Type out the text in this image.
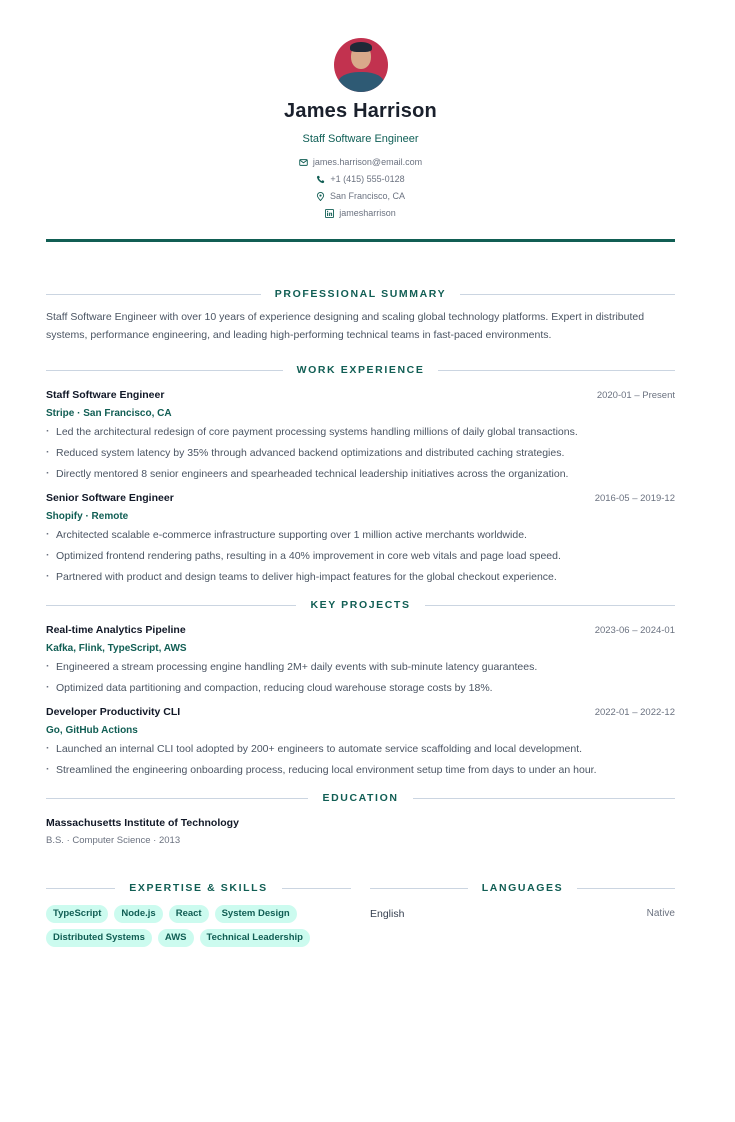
James Harrison
Staff Software Engineer
james.harrison@email.com
+1 (415) 555-0128
San Francisco, CA
jamesharrison
PROFESSIONAL SUMMARY

Staff Software Engineer with over 10 years of experience designing and scaling global technology platforms. Expert in distributed systems, performance engineering, and leading high-performing technical teams in fast-paced environments.

WORK EXPERIENCE
Staff Software Engineer	2020-01 – Present
Stripe · San Francisco, CA
· Led the architectural redesign of core payment processing systems handling millions of daily global transactions.
· Reduced system latency by 35% through advanced backend optimizations and distributed caching strategies.
· Directly mentored 8 senior engineers and spearheaded technical leadership initiatives across the organization.
Senior Software Engineer	2016-05 – 2019-12
Shopify · Remote
· Architected scalable e-commerce infrastructure supporting over 1 million active merchants worldwide.
· Optimized frontend rendering paths, resulting in a 40% improvement in core web vitals and page load speed.
· Partnered with product and design teams to deliver high-impact features for the global checkout experience.
KEY PROJECTS
Real-time Analytics Pipeline	2023-06 – 2024-01
Kafka, Flink, TypeScript, AWS
· Engineered a stream processing engine handling 2M+ daily events with sub-minute latency guarantees.
· Optimized data partitioning and compaction, reducing cloud warehouse storage costs by 18%.
Developer Productivity CLI	2022-01 – 2022-12
Go, GitHub Actions
· Launched an internal CLI tool adopted by 200+ engineers to automate service scaffolding and local development.
· Streamlined the engineering onboarding process, reducing local environment setup time from days to under an hour.
EDUCATION
Massachusetts Institute of Technology
B.S. · Computer Science · 2013
EXPERTISE & SKILLS
TypeScript	Node.js	React	System Design
Distributed Systems	AWS	Technical Leadership
LANGUAGES
English	Native
